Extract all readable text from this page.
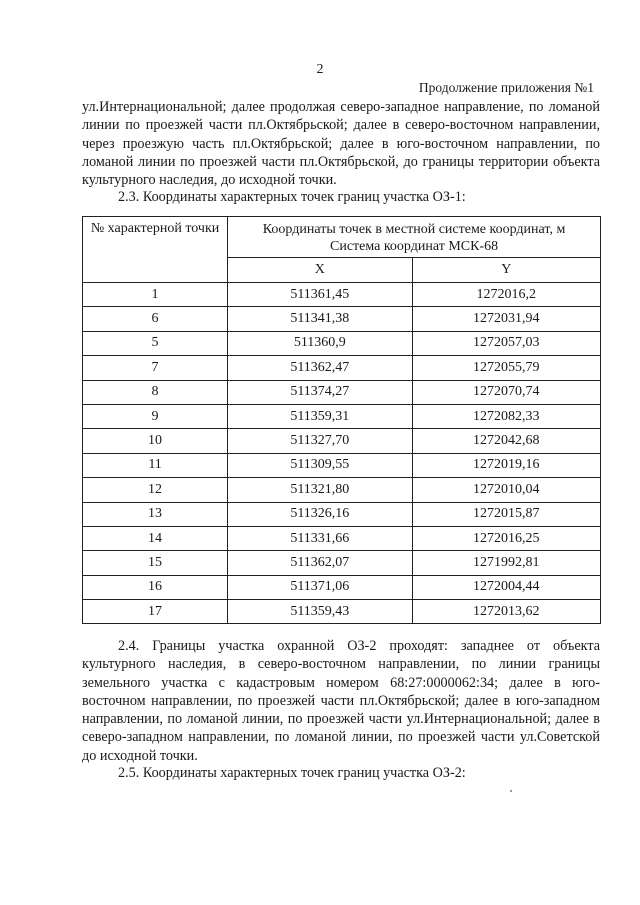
2
Продолжение приложения №1
ул.Интернациональной; далее продолжая северо-западное направление, по ломаной линии по проезжей части пл.Октябрьской; далее в северо-восточном направлении, через проезжую часть пл.Октябрьской; далее в юго-восточном направлении, по ломаной линии по проезжей части пл.Октябрьской, до границы территории объекта культурного наследия, до исходной точки.
2.3. Координаты характерных точек границ участка ОЗ-1:
№ характерной точки	Координаты точек в местной системе координат, м
Система координат МСК-68	

	X	Y
1	511361,45	1272016,2
6	511341,38	1272031,94
5	511360,9	1272057,03
7	511362,47	1272055,79
8	511374,27	1272070,74
9	511359,31	1272082,33
10	511327,70	1272042,68
11	511309,55	1272019,16
12	511321,80	1272010,04
13	511326,16	1272015,87
14	511331,66	1272016,25
15	511362,07	1271992,81
16	511371,06	1272004,44
17	511359,43	1272013,62
2.4. Границы участка охранной ОЗ-2 проходят: западнее от объекта культурного наследия, в северо-восточном направлении, по линии границы земельного участка с кадастровым номером 68:27:0000062:34; далее в юго-восточном направлении, по проезжей части пл.Октябрьской; далее в юго-западном направлении, по ломаной линии, по проезжей части ул.Интернациональной; далее в северо-западном направлении, по ломаной линии, по проезжей части ул.Советской до исходной точки.
2.5. Координаты характерных точек границ участка ОЗ-2:
